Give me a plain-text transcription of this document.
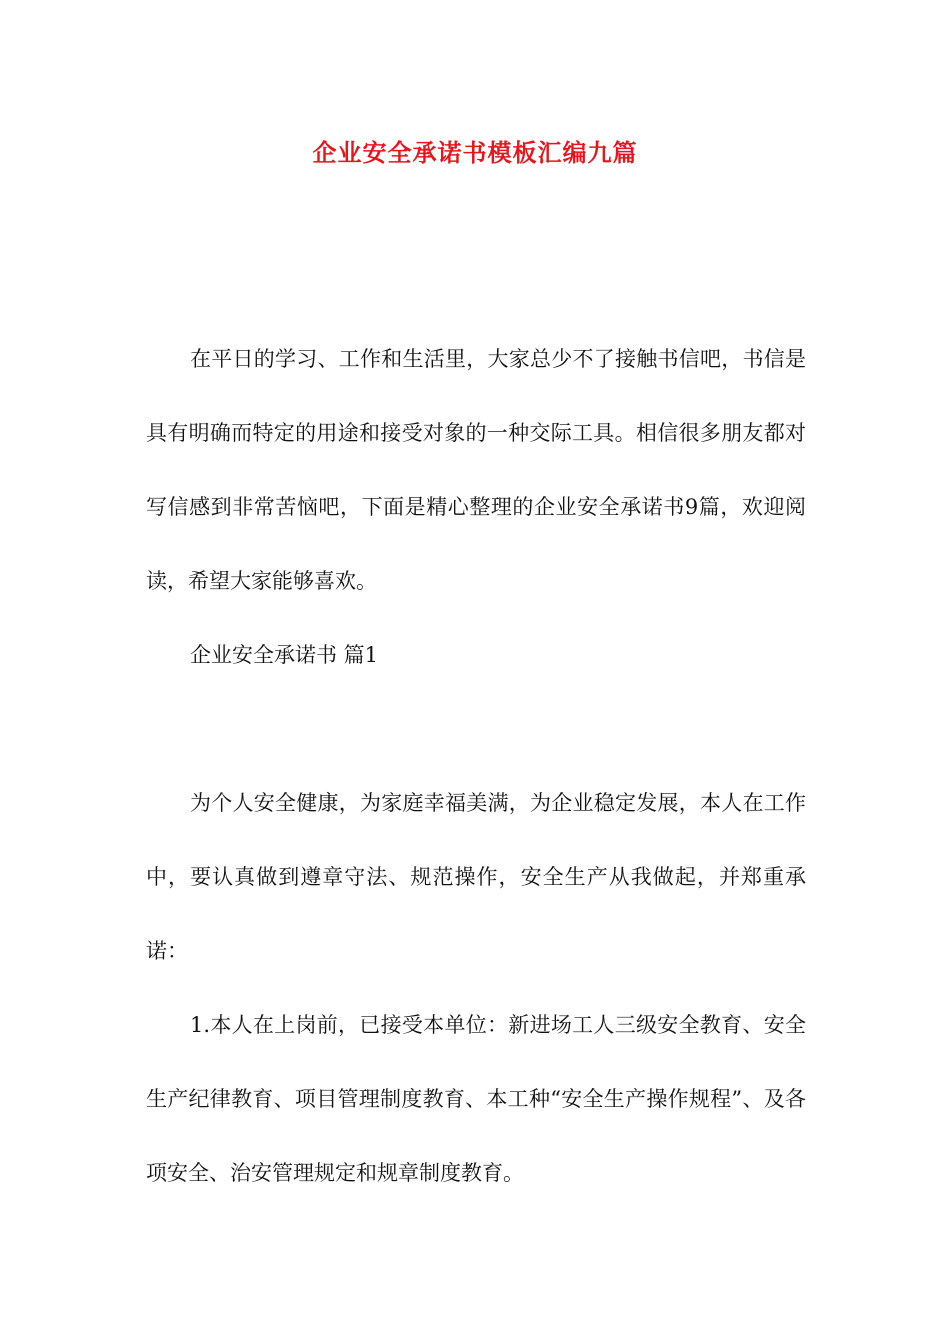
企业安全承诺书模板汇编九篇

在平日的学习、工作和生活里，大家总少不了接触书信吧，书信是具有明确而特定的用途和接受对象的一种交际工具。相信很多朋友都对写信感到非常苦恼吧，下面是精心整理的企业安全承诺书9篇，欢迎阅读，希望大家能够喜欢。

企业安全承诺书 篇1

为个人安全健康，为家庭幸福美满，为企业稳定发展，本人在工作中，要认真做到遵章守法、规范操作，安全生产从我做起，并郑重承诺：

1.本人在上岗前，已接受本单位：新进场工人三级安全教育、安全生产纪律教育、项目管理制度教育、本工种“安全生产操作规程”、及各项安全、治安管理规定和规章制度教育。
